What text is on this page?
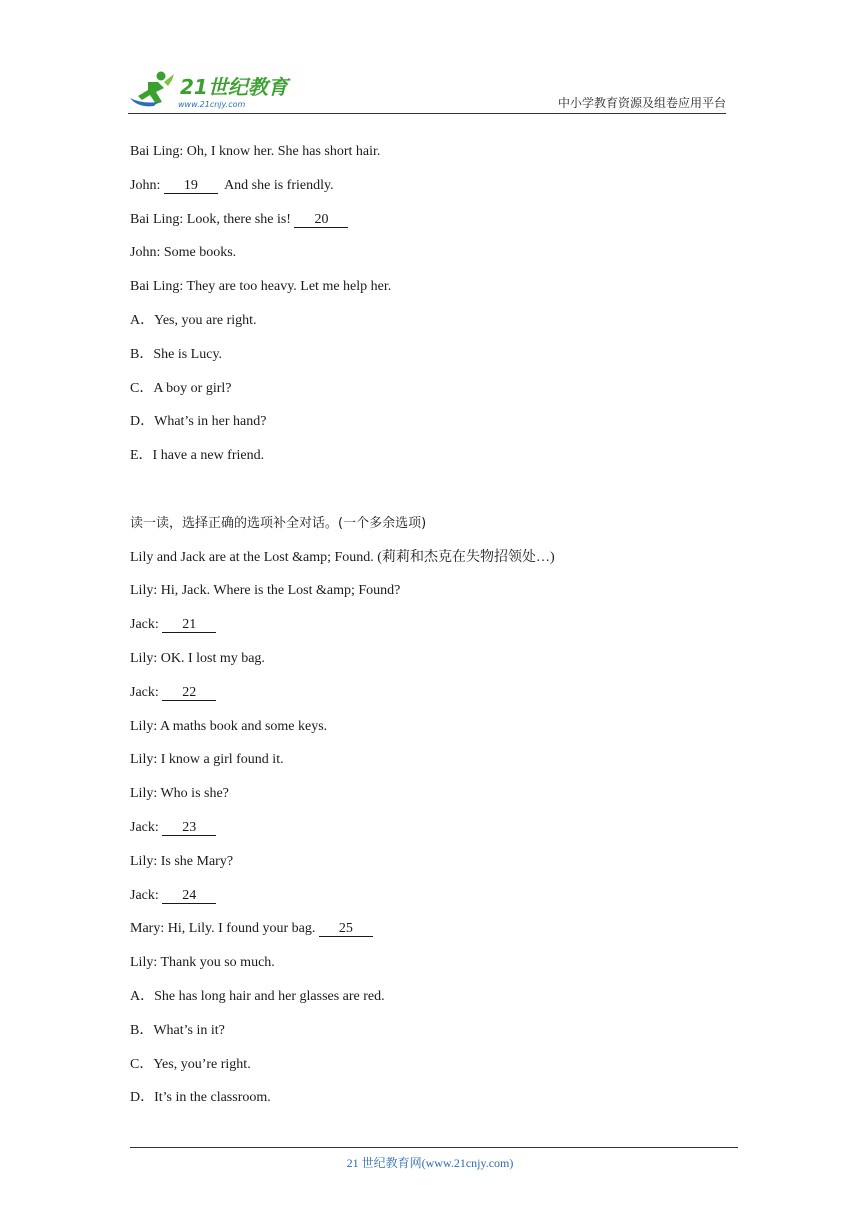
21世纪教育
www.21cnjy.com	中小学教育资源及组卷应用平台
Bai Ling: Oh, I know her. She has short hair.
John: 19  And she is friendly.
Bai Ling: Look, there she is! 20
John: Some books.
Bai Ling: They are too heavy. Let me help her.
A．Yes, you are right.
B．She is Lucy.
C．A boy or girl?
D．What’s in her hand?
E．I have a new friend.
读一读，选择正确的选项补全对话。(一个多余选项)
Lily and Jack are at the Lost &amp; Found. (莉莉和杰克在失物招领处…)
Lily: Hi, Jack. Where is the Lost &amp; Found?
Jack: 21
Lily: OK. I lost my bag.
Jack: 22
Lily: A maths book and some keys.
Lily: I know a girl found it.
Lily: Who is she?
Jack: 23
Lily: Is she Mary?
Jack: 24
Mary: Hi, Lily. I found your bag. 25
Lily: Thank you so much.
A．She has long hair and her glasses are red.
B．What’s in it?
C．Yes, you’re right.
D．It’s in the classroom.
21 世纪教育网(www.21cnjy.com)
